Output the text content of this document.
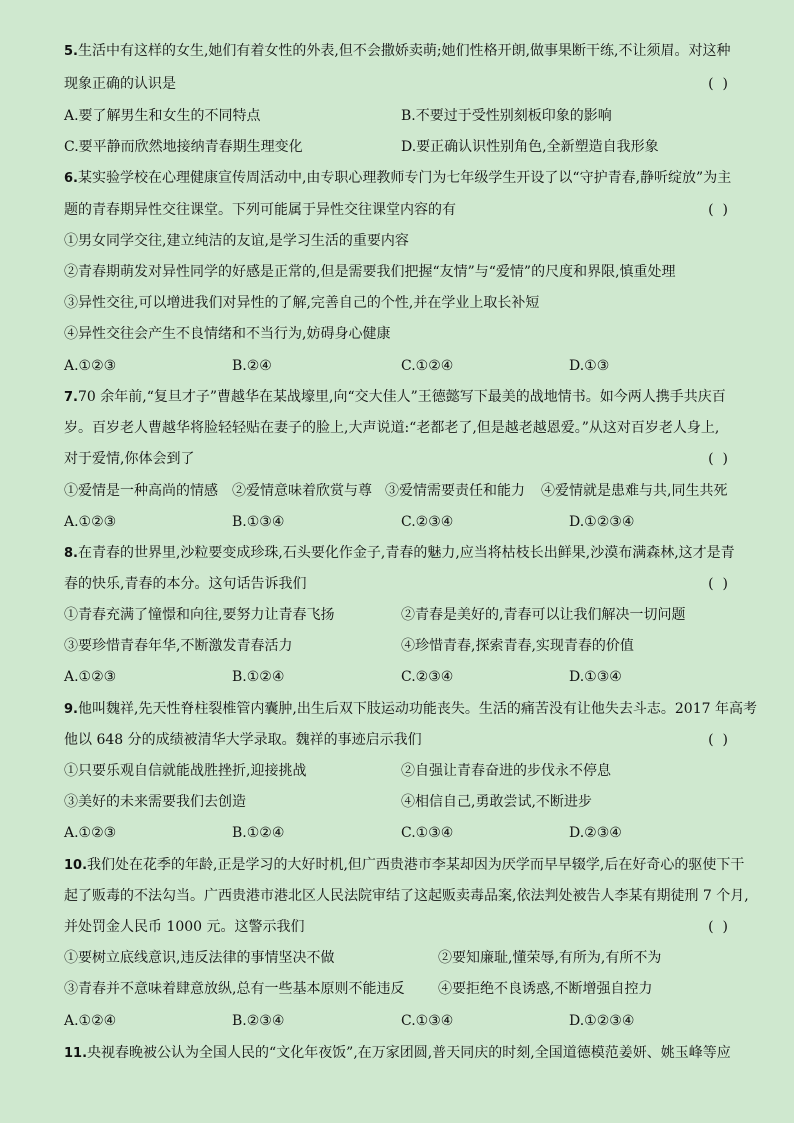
5.生活中有这样的女生,她们有着女性的外表,但不会撒娇卖萌;她们性格开朗,做事果断干练,不让须眉。对这种
现象正确的认识是	(  )
A.要了解男生和女生的不同特点	B.不要过于受性别刻板印象的影响
C.要平静而欣然地接纳青春期生理变化	D.要正确认识性别角色,全新塑造自我形象
6.某实验学校在心理健康宣传周活动中,由专职心理教师专门为七年级学生开设了以“守护青春,静听绽放”为主
题的青春期异性交往课堂。下列可能属于异性交往课堂内容的有	(  )
①男女同学交往,建立纯洁的友谊,是学习生活的重要内容
②青春期萌发对异性同学的好感是正常的,但是需要我们把握“友情”与“爱情”的尺度和界限,慎重处理
③异性交往,可以增进我们对异性的了解,完善自己的个性,并在学业上取长补短
④异性交往会产生不良情绪和不当行为,妨碍身心健康
A.①②③	B.②④	C.①②④	D.①③
7.70 余年前,“复旦才子”曹越华在某战壕里,向“交大佳人”王德懿写下最美的战地情书。如今两人携手共庆百
岁。百岁老人曹越华将脸轻轻贴在妻子的脸上,大声说道:“老都老了,但是越老越恩爱。”从这对百岁老人身上,
对于爱情,你体会到了	(  )
①爱情是一种高尚的情感 ②爱情意味着欣赏与尊 ③爱情需要责任和能力 ④爱情就是患难与共,同生共死
A.①②③	B.①③④	C.②③④	D.①②③④
8.在青春的世界里,沙粒要变成珍珠,石头要化作金子,青春的魅力,应当将枯枝长出鲜果,沙漠布满森林,这才是青
春的快乐,青春的本分。这句话告诉我们	(  )
①青春充满了憧憬和向往,要努力让青春飞扬	②青春是美好的,青春可以让我们解决一切问题
③要珍惜青春年华,不断激发青春活力	④珍惜青春,探索青春,实现青春的价值
A.①②③	B.①②④	C.②③④	D.①③④
9.他叫魏祥,先天性脊柱裂椎管内囊肿,出生后双下肢运动功能丧失。生活的痛苦没有让他失去斗志。2017 年高考
他以 648 分的成绩被清华大学录取。魏祥的事迹启示我们	(  )
①只要乐观自信就能战胜挫折,迎接挑战	②自强让青春奋进的步伐永不停息
③美好的未来需要我们去创造	④相信自己,勇敢尝试,不断进步
A.①②③	B.①②④	C.①③④	D.②③④
10.我们处在花季的年龄,正是学习的大好时机,但广西贵港市李某却因为厌学而早早辍学,后在好奇心的驱使下干
起了贩毒的不法勾当。广西贵港市港北区人民法院审结了这起贩卖毒品案,依法判处被告人李某有期徒刑 7 个月,
并处罚金人民币 1000 元。这警示我们	(  )
①要树立底线意识,违反法律的事情坚决不做	②要知廉耻,懂荣辱,有所为,有所不为
③青春并不意味着肆意放纵,总有一些基本原则不能违反 ④要拒绝不良诱惑,不断增强自控力
A.①②④	B.②③④	C.①③④	D.①②③④
11.央视春晚被公认为全国人民的“文化年夜饭”,在万家团圆,普天同庆的时刻,全国道德模范姜妍、姚玉峰等应
